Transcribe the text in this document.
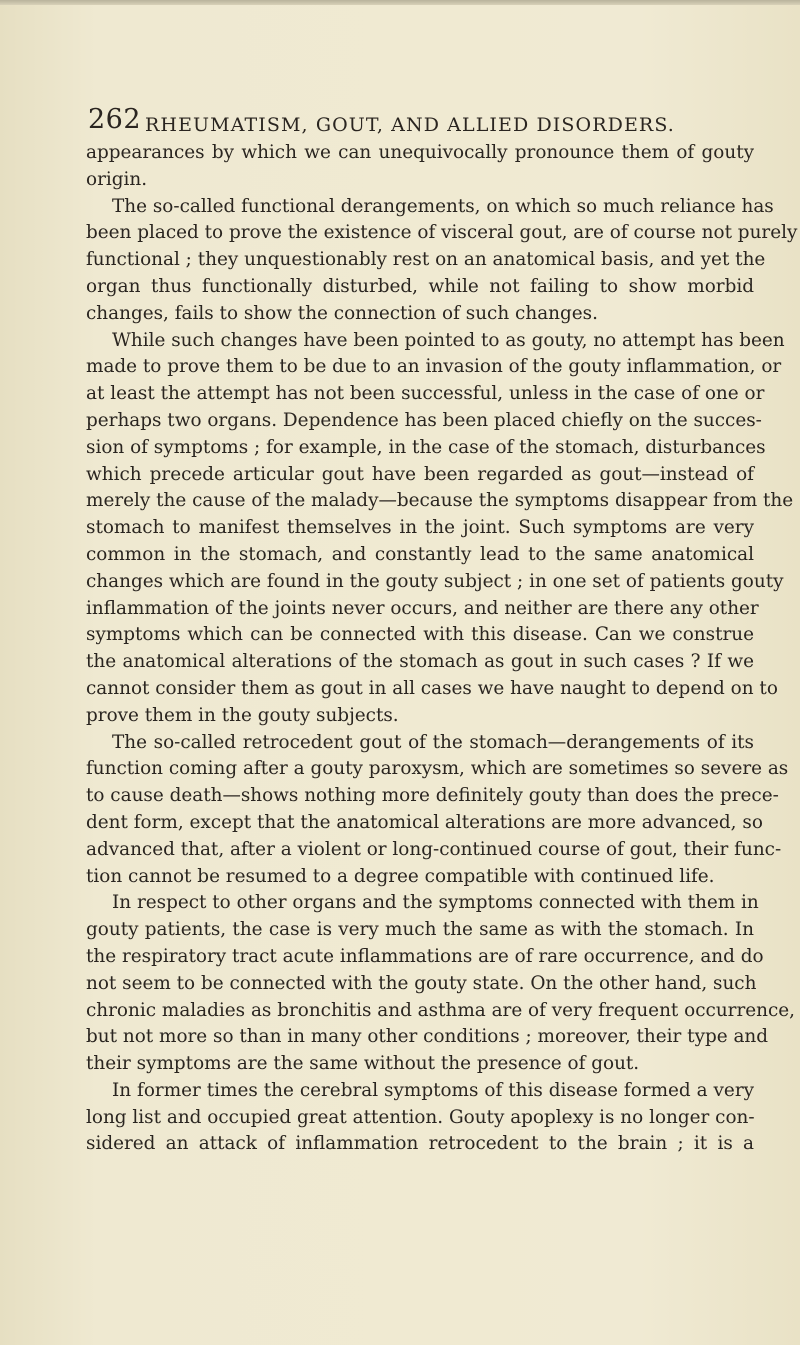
262 RHEUMATISM, GOUT, AND ALLIED DISORDERS.
appearances by which we can unequivocally pronounce them of gouty
origin.
The so-called functional derangements, on which so much reliance has
been placed to prove the existence of visceral gout, are of course not purely
functional ; they unquestionably rest on an anatomical basis, and yet the
organ thus functionally disturbed, while not failing to show morbid
changes, fails to show the connection of such changes.
While such changes have been pointed to as gouty, no attempt has been
made to prove them to be due to an invasion of the gouty inflammation, or
at least the attempt has not been successful, unless in the case of one or
perhaps two organs. Dependence has been placed chiefly on the succes-
sion of symptoms ; for example, in the case of the stomach, disturbances
which precede articular gout have been regarded as gout—instead of
merely the cause of the malady—because the symptoms disappear from the
stomach to manifest themselves in the joint. Such symptoms are very
common in the stomach, and constantly lead to the same anatomical
changes which are found in the gouty subject ; in one set of patients gouty
inflammation of the joints never occurs, and neither are there any other
symptoms which can be connected with this disease. Can we construe
the anatomical alterations of the stomach as gout in such cases ? If we
cannot consider them as gout in all cases we have naught to depend on to
prove them in the gouty subjects.
The so-called retrocedent gout of the stomach—derangements of its
function coming after a gouty paroxysm, which are sometimes so severe as
to cause death—shows nothing more definitely gouty than does the prece-
dent form, except that the anatomical alterations are more advanced, so
advanced that, after a violent or long-continued course of gout, their func-
tion cannot be resumed to a degree compatible with continued life.
In respect to other organs and the symptoms connected with them in
gouty patients, the case is very much the same as with the stomach. In
the respiratory tract acute inflammations are of rare occurrence, and do
not seem to be connected with the gouty state. On the other hand, such
chronic maladies as bronchitis and asthma are of very frequent occurrence,
but not more so than in many other conditions ; moreover, their type and
their symptoms are the same without the presence of gout.
In former times the cerebral symptoms of this disease formed a very
long list and occupied great attention. Gouty apoplexy is no longer con-
sidered an attack of inflammation retrocedent to the brain ; it is a
